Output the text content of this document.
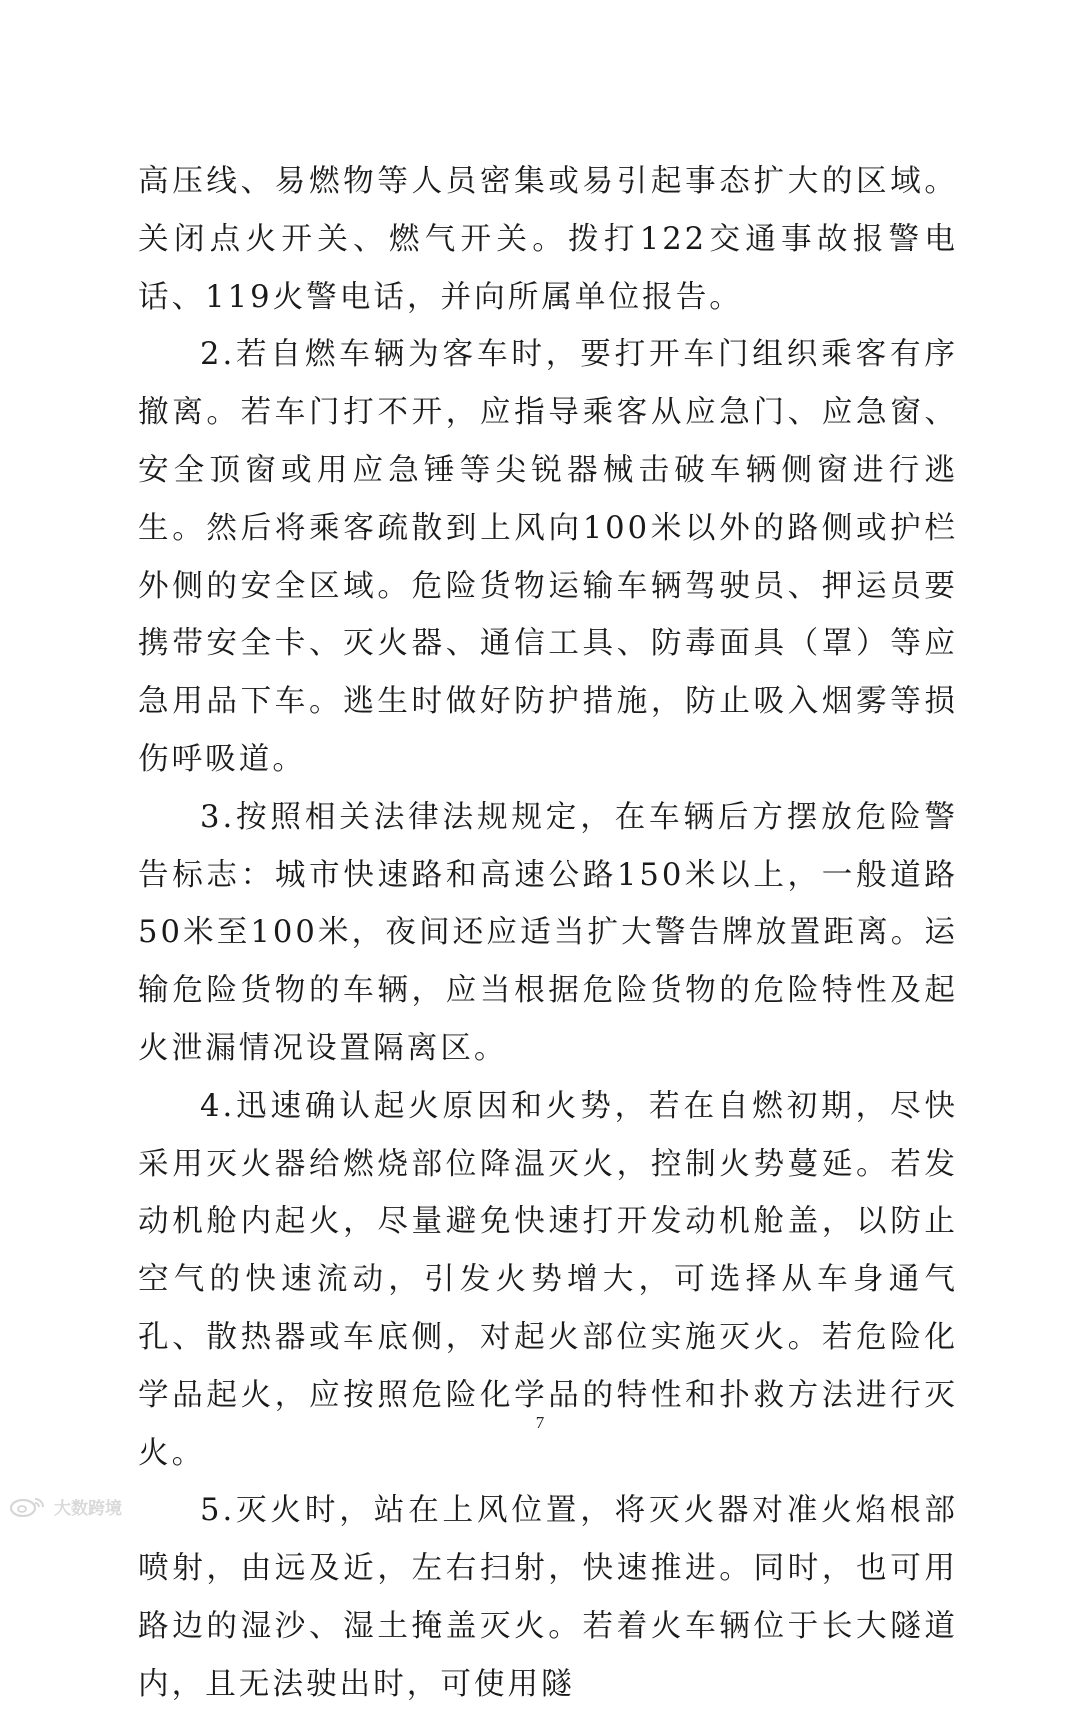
高压线、易燃物等人员密集或易引起事态扩大的区域。关闭点火开关、燃气开关。拨打122交通事故报警电话、119火警电话，并向所属单位报告。

2.若自燃车辆为客车时，要打开车门组织乘客有序撤离。若车门打不开，应指导乘客从应急门、应急窗、安全顶窗或用应急锤等尖锐器械击破车辆侧窗进行逃生。然后将乘客疏散到上风向100米以外的路侧或护栏外侧的安全区域。危险货物运输车辆驾驶员、押运员要携带安全卡、灭火器、通信工具、防毒面具（罩）等应急用品下车。逃生时做好防护措施，防止吸入烟雾等损伤呼吸道。

3.按照相关法律法规规定，在车辆后方摆放危险警告标志：城市快速路和高速公路150米以上，一般道路50米至100米，夜间还应适当扩大警告牌放置距离。运输危险货物的车辆，应当根据危险货物的危险特性及起火泄漏情况设置隔离区。

4.迅速确认起火原因和火势，若在自燃初期，尽快采用灭火器给燃烧部位降温灭火，控制火势蔓延。若发动机舱内起火，尽量避免快速打开发动机舱盖，以防止空气的快速流动，引发火势增大，可选择从车身通气孔、散热器或车底侧，对起火部位实施灭火。若危险化学品起火，应按照危险化学品的特性和扑救方法进行灭火。

5.灭火时，站在上风位置，将灭火器对准火焰根部喷射，由远及近，左右扫射，快速推进。同时，也可用路边的湿沙、湿土掩盖灭火。若着火车辆位于长大隧道内，且无法驶出时，可使用隧

7
大数跨境
